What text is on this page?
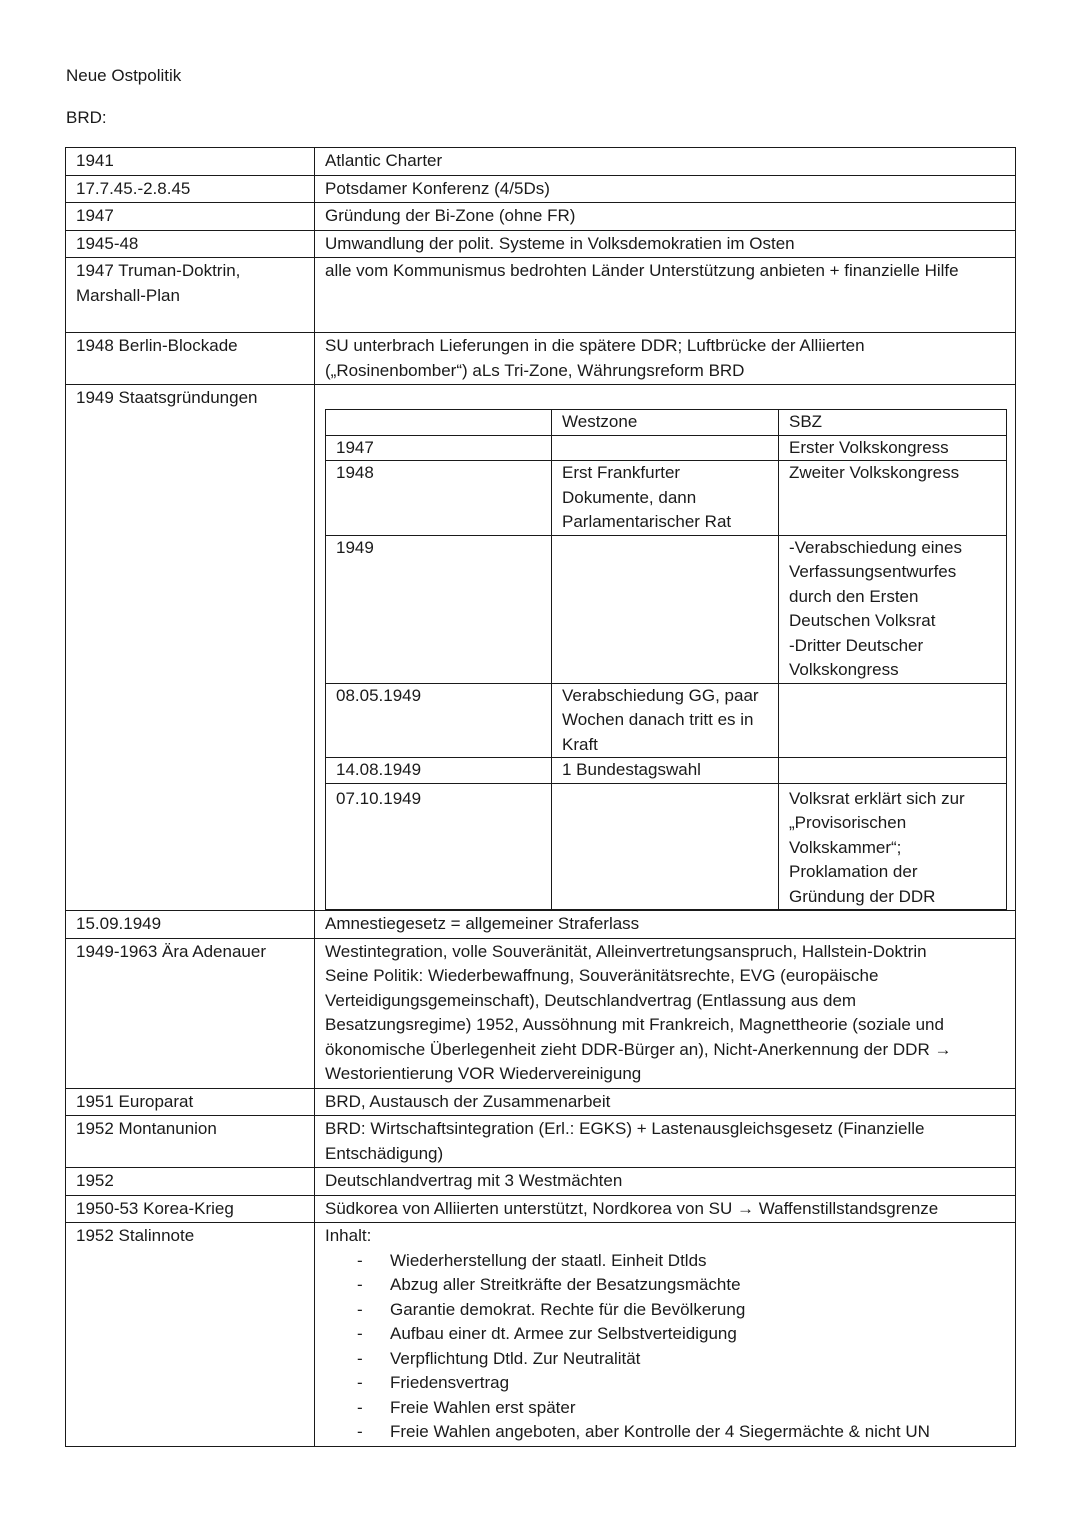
Neue Ostpolitik
BRD:
1941	Atlantic Charter
17.7.45.-2.8.45	Potsdamer Konferenz (4/5Ds)
1947	Gründung der Bi-Zone (ohne FR)
1945-48	Umwandlung der polit. Systeme in Volksdemokratien im Osten
1947 Truman-Doktrin, Marshall-Plan	alle vom Kommunismus bedrohten Länder Unterstützung anbieten + finanzielle Hilfe
1948 Berlin-Blockade	SU unterbrach Lieferungen in die spätere DDR; Luftbrücke der Alliierten („Rosinenbomber“) aLs Tri-Zone, Währungsreform BRD
1949 Staatsgründungen	
	Westzone	SBZ
1947		Erster Volkskongress
1948	Erst Frankfurter Dokumente, dann Parlamentarischer Rat	Zweiter Volkskongress
1949		-Verabschiedung eines Verfassungsentwurfes durch den Ersten Deutschen Volksrat
-Dritter Deutscher Volkskongress

08.05.1949	Verabschiedung GG, paar Wochen danach tritt es in Kraft	
14.08.1949	1 Bundestagswahl	
07.10.1949		Volksrat erklärt sich zur „Provisorischen Volkskammer“; Proklamation der Gründung der DDR

15.09.1949	Amnestiegesetz = allgemeiner Straferlass
1949-1963 Ära Adenauer	Westintegration, volle Souveränität, Alleinvertretungsanspruch, Hallstein-Doktrin
Seine Politik: Wiederbewaffnung, Souveränitätsrechte, EVG (europäische Verteidigungsgemeinschaft), Deutschlandvertrag (Entlassung aus dem Besatzungsregime) 1952, Aussöhnung mit Frankreich, Magnettheorie (soziale und ökonomische Überlegenheit zieht DDR-Bürger an), Nicht-Anerkennung der DDR → Westorientierung VOR Wiedervereinigung

1951 Europarat	BRD, Austausch der Zusammenarbeit
1952 Montanunion	BRD: Wirtschaftsintegration (Erl.: EGKS) + Lastenausgleichsgesetz (Finanzielle Entschädigung)
1952	Deutschlandvertrag mit 3 Westmächten
1950-53 Korea-Krieg	Südkorea von Alliierten unterstützt, Nordkorea von SU → Waffenstillstandsgrenze
1952 Stalinnote	Inhalt:
- Wiederherstellung der staatl. Einheit Dtlds
- Abzug aller Streitkräfte der Besatzungsmächte
- Garantie demokrat. Rechte für die Bevölkerung
- Aufbau einer dt. Armee zur Selbstverteidigung
- Verpflichtung Dtld. Zur Neutralität
- Friedensvertrag
- Freie Wahlen erst später
- Freie Wahlen angeboten, aber Kontrolle der 4 Siegermächte & nicht UN
